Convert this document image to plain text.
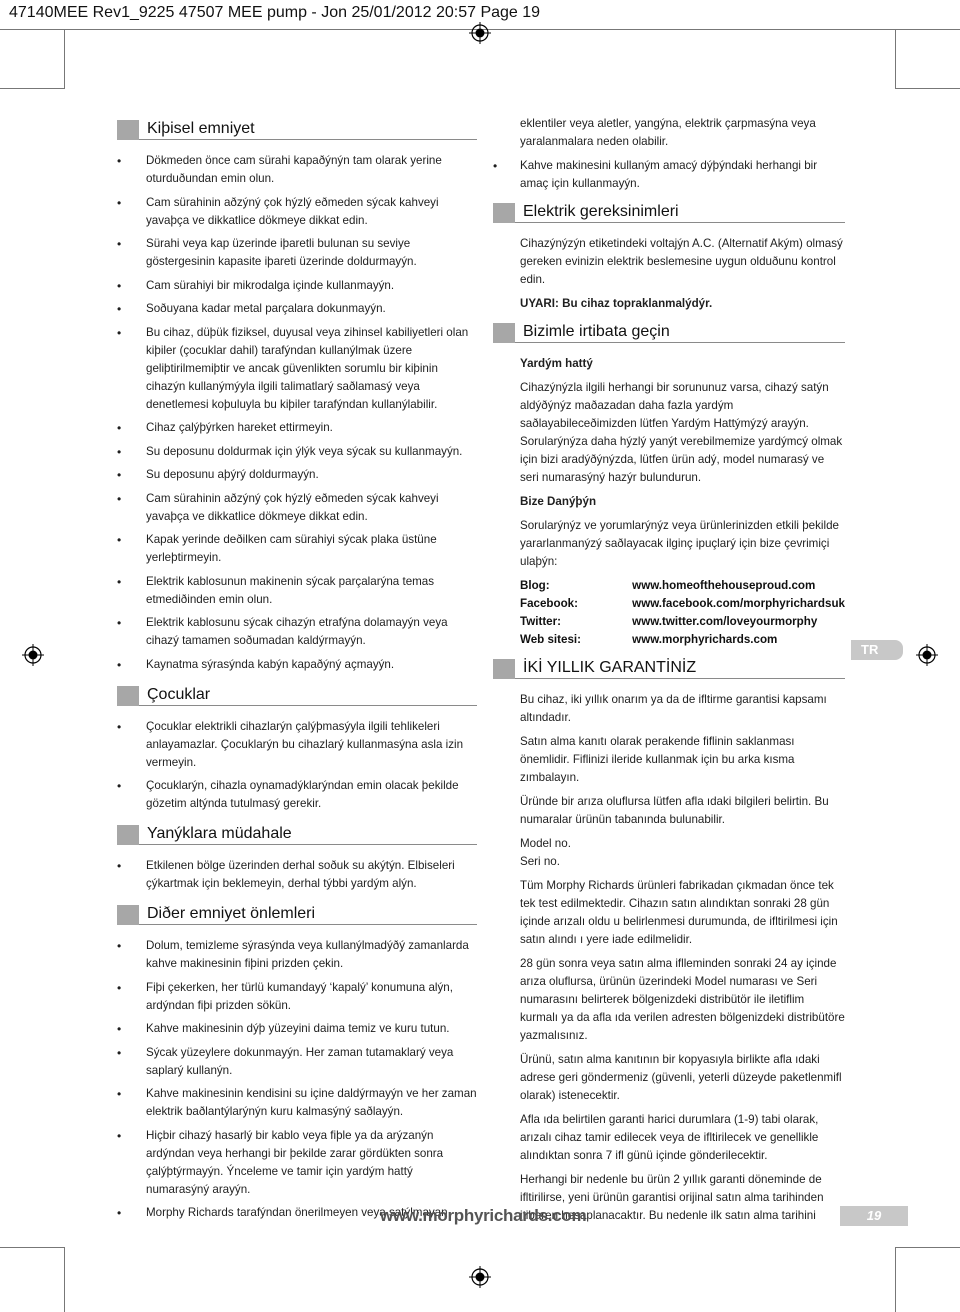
47140MEE Rev1_9225 47507 MEE pump - Jon 25/01/2012 20:57 Page 19
Kiþisel emniyet
• Dökmeden önce cam sürahi kapaðýnýn tam olarak yerine oturduðundan emin olun.
• Cam sürahinin aðzýný çok hýzlý eðmeden sýcak kahveyi yavaþça ve dikkatlice dökmeye dikkat edin.
• Sürahi veya kap üzerinde iþaretli bulunan su seviye göstergesinin kapasite iþareti üzerinde doldurmayýn.
• Cam sürahiyi bir mikrodalga içinde kullanmayýn.
• Soðuyana kadar metal parçalara dokunmayýn.
• Bu cihaz, düþük fiziksel, duyusal veya zihinsel kabiliyetleri olan kiþiler (çocuklar dahil) tarafýndan kullanýlmak üzere geliþtirilmemiþtir ve ancak güvenlikten sorumlu bir kiþinin cihazýn kullanýmýyla ilgili talimatlarý saðlamasý veya denetlemesi koþuluyla bu kiþiler tarafýndan kullanýlabilir.
• Cihaz çalýþýrken hareket ettirmeyin.
• Su deposunu doldurmak için ýlýk veya sýcak su kullanmayýn.
• Su deposunu aþýrý doldurmayýn.
• Cam sürahinin aðzýný çok hýzlý eðmeden sýcak kahveyi yavaþça ve dikkatlice dökmeye dikkat edin.
• Kapak yerinde deðilken cam sürahiyi sýcak plaka üstüne yerleþtirmeyin.
• Elektrik kablosunun makinenin sýcak parçalarýna temas etmediðinden emin olun.
• Elektrik kablosunu sýcak cihazýn etrafýna dolamayýn veya cihazý tamamen soðumadan kaldýrmayýn.
• Kaynatma sýrasýnda kabýn kapaðýný açmayýn.
Çocuklar
• Çocuklar elektrikli cihazlarýn çalýþmasýyla ilgili tehlikeleri anlayamazlar. Çocuklarýn bu cihazlarý kullanmasýna asla izin vermeyin.
• Çocuklarýn, cihazla oynamadýklarýndan emin olacak þekilde gözetim altýnda tutulmasý gerekir.
Yanýklara müdahale
• Etkilenen bölge üzerinden derhal soðuk su akýtýn. Elbiseleri çýkartmak için beklemeyin, derhal týbbi yardým alýn.
Diðer emniyet önlemleri
• Dolum, temizleme sýrasýnda veya kullanýlmadýðý zamanlarda kahve makinesinin fiþini prizden çekin.
• Fiþi çekerken, her türlü kumandayý ‘kapalý’ konumuna alýn, ardýndan fiþi prizden sökün.
• Kahve makinesinin dýþ yüzeyini daima temiz ve kuru tutun.
• Sýcak yüzeylere dokunmayýn. Her zaman tutamaklarý veya saplarý kullanýn.
• Kahve makinesinin kendisini su içine daldýrmayýn ve her zaman elektrik baðlantýlarýnýn kuru kalmasýný saðlayýn.
• Hiçbir cihazý hasarlý bir kablo veya fiþle ya da arýzanýn ardýndan veya herhangi bir þekilde zarar gördükten sonra çalýþtýrmayýn. Ýnceleme ve tamir için yardým hattý numarasýný arayýn.
• Morphy Richards tarafýndan önerilmeyen veya satýlmayan
eklentiler veya aletler, yangýna, elektrik çarpmasýna veya yaralanmalara neden olabilir.
• Kahve makinesini kullaným amacý dýþýndaki herhangi bir amaç için kullanmayýn.
Elektrik gereksinimleri

Cihazýnýzýn etiketindeki voltajýn A.C. (Alternatif Akým) olmasý gereken evinizin elektrik beslemesine uygun olduðunu kontrol edin.

UYARI: Bu cihaz topraklanmalýdýr.

Bizimle irtibata geçin

Yardým hattý

Cihazýnýzla ilgili herhangi bir sorununuz varsa, cihazý satýn aldýðýnýz maðazadan daha fazla yardým saðlayabileceðimizden lütfen Yardým Hattýmýzý arayýn.

Sorularýnýza daha hýzlý yanýt verebilmemize yardýmcý olmak için bizi aradýðýnýzda, lütfen ürün adý, model numarasý ve seri numarasýný hazýr bulundurun.

Bize Danýþýn

Sorularýnýz ve yorumlarýnýz veya ürünlerinizden etkili þekilde yararlanmanýzý saðlayacak ilginç ipuçlarý için bize çevrimiçi ulaþýn:

Blog:	www.homeofthehouseproud.com
Facebook:	www.facebook.com/morphyrichardsuk
Twitter:	www.twitter.com/loveyourmorphy
Web sitesi:	www.morphyrichards.com
İKİ YILLIK GARANTİNİZ

Bu cihaz, iki yıllık onarım ya da de ifltirme garantisi kapsamı altındadır.

Satın alma kanıtı olarak perakende fiflinin saklanması önemlidir. Fiflinizi ileride kullanmak için bu arka kısma zımbalayın.

Üründe bir arıza oluflursa lütfen afla ıdaki bilgileri belirtin. Bu numaralar ürünün tabanında bulunabilir.

Model no.

Seri no.

Tüm Morphy Richards ürünleri fabrikadan çıkmadan önce tek tek test edilmektedir. Cihazın satın alındıktan sonraki 28 gün içinde arızalı oldu u belirlenmesi durumunda, de ifltirilmesi için satın alındı ı yere iade edilmelidir.

28 gün sonra veya satın alma iflleminden sonraki 24 ay içinde arıza oluflursa, ürünün üzerindeki Model numarası ve Seri numarasını belirterek bölgenizdeki distribütör ile iletiflim kurmalı ya da afla ıda verilen adresten bölgenizdeki distribütöre yazmalısınız.

Ürünü, satın alma kanıtının bir kopyasıyla birlikte afla ıdaki adrese geri göndermeniz (güvenli, yeterli düzeyde paketlenmifl olarak) istenecektir.

Afla ıda belirtilen garanti harici durumlara (1-9) tabi olarak, arızalı cihaz tamir edilecek veya de ifltirilecek ve genellikle alındıktan sonra 7 ifl günü içinde gönderilecektir.

Herhangi bir nedenle bu ürün 2 yıllık garanti döneminde de ifltirilirse, yeni ürünün garantisi orijinal satın alma tarihinden itibaren hesaplanacaktır. Bu nedenle ilk satın alma tarihini

TR
www.morphyrichards.com	19
